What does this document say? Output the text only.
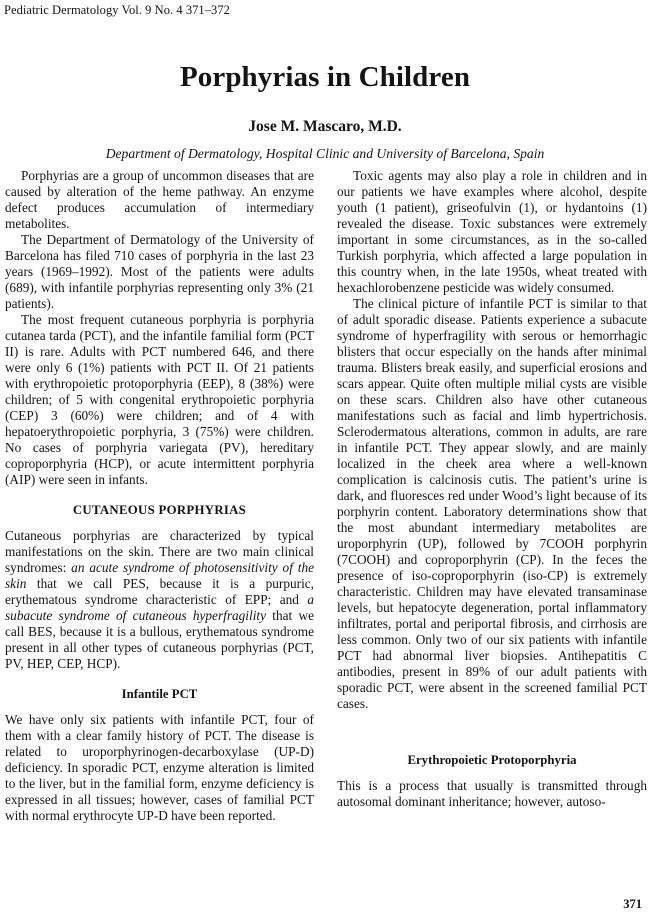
Pediatric Dermatology Vol. 9 No. 4 371–372
Porphyrias in Children
Jose M. Mascaro, M.D.
Department of Dermatology, Hospital Clinic and University of Barcelona, Spain

Porphyrias are a group of uncommon diseases that are caused by alteration of the heme pathway. An enzyme defect produces accumulation of intermediary metabolites.

The Department of Dermatology of the University of Barcelona has filed 710 cases of porphyria in the last 23 years (1969–1992). Most of the patients were adults (689), with infantile porphyrias representing only 3% (21 patients).

The most frequent cutaneous porphyria is porphyria cutanea tarda (PCT), and the infantile familial form (PCT II) is rare. Adults with PCT numbered 646, and there were only 6 (1%) patients with PCT II. Of 21 patients with erythropoietic protoporphyria (EEP), 8 (38%) were children; of 5 with congenital erythropoietic porphyria (CEP) 3 (60%) were children; and of 4 with hepatoerythropoietic porphyria, 3 (75%) were children. No cases of porphyria variegata (PV), hereditary coproporphyria (HCP), or acute intermittent porphyria (AIP) were seen in infants.

CUTANEOUS PORPHYRIAS

Cutaneous porphyrias are characterized by typical manifestations on the skin. There are two main clinical syndromes: an acute syndrome of photosensitivity of the skin that we call PES, because it is a purpuric, erythematous syndrome characteristic of EPP; and a subacute syndrome of cutaneous hyperfragility that we call BES, because it is a bullous, erythematous syndrome present in all other types of cutaneous porphyrias (PCT, PV, HEP, CEP, HCP).

Infantile PCT

We have only six patients with infantile PCT, four of them with a clear family history of PCT. The disease is related to uroporphyrinogen-decarboxylase (UP-D) deficiency. In sporadic PCT, enzyme alteration is limited to the liver, but in the familial form, enzyme deficiency is expressed in all tissues; however, cases of familial PCT with normal erythrocyte UP-D have been reported.

Toxic agents may also play a role in children and in our patients we have examples where alcohol, despite youth (1 patient), griseofulvin (1), or hydantoins (1) revealed the disease. Toxic substances were extremely important in some circumstances, as in the so-called Turkish porphyria, which affected a large population in this country when, in the late 1950s, wheat treated with hexachlorobenzene pesticide was widely consumed.

The clinical picture of infantile PCT is similar to that of adult sporadic disease. Patients experience a subacute syndrome of hyperfragility with serous or hemorrhagic blisters that occur especially on the hands after minimal trauma. Blisters break easily, and superficial erosions and scars appear. Quite often multiple milial cysts are visible on these scars. Children also have other cutaneous manifestations such as facial and limb hypertrichosis. Sclerodermatous alterations, common in adults, are rare in infantile PCT. They appear slowly, and are mainly localized in the cheek area where a well-known complication is calcinosis cutis. The patient’s urine is dark, and fluoresces red under Wood’s light because of its porphyrin content. Laboratory determinations show that the most abundant intermediary metabolites are uroporphyrin (UP), followed by 7COOH porphyrin (7COOH) and coproporphyrin (CP). In the feces the presence of iso-coproporphyrin (iso-CP) is extremely characteristic. Children may have elevated transaminase levels, but hepatocyte degeneration, portal inflammatory infiltrates, portal and periportal fibrosis, and cirrhosis are less common. Only two of our six patients with infantile PCT had abnormal liver biopsies. Antihepatitis C antibodies, present in 89% of our adult patients with sporadic PCT, were absent in the screened familial PCT cases.

Erythropoietic Protoporphyria

This is a process that usually is transmitted through autosomal dominant inheritance; however, autoso-

371
